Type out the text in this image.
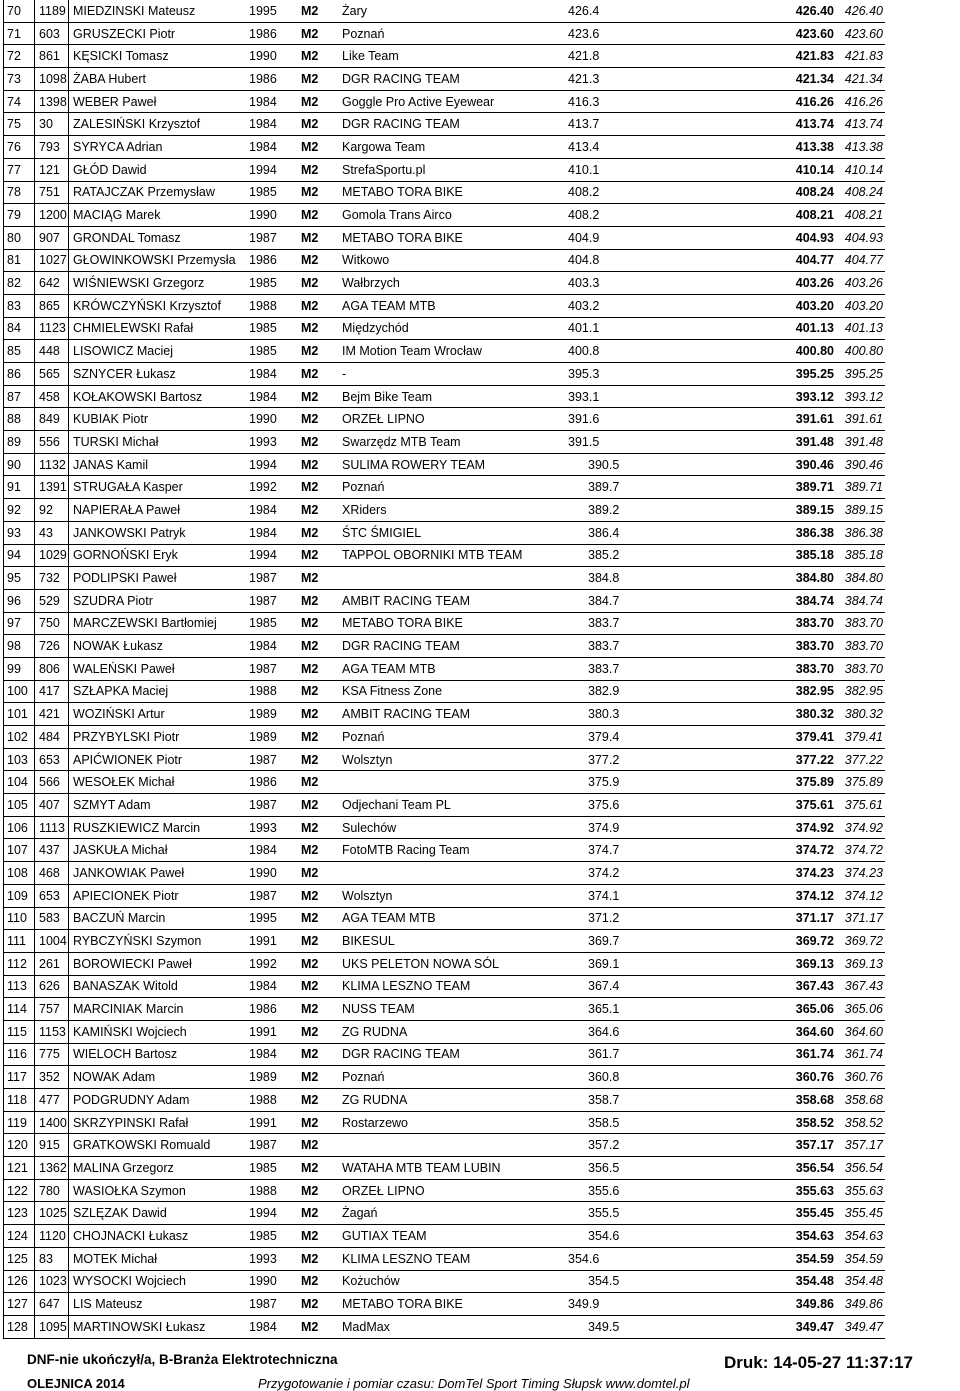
70	1189	MIEDZINSKI Mateusz	1995	M2	Żary	426.4		426.40	426.40
71	603	GRUSZECKI Piotr	1986	M2	Poznań	423.6		423.60	423.60
72	861	KĘSICKI Tomasz	1990	M2	Like Team	421.8		421.83	421.83
73	1098	ŻABA Hubert	1986	M2	DGR RACING TEAM	421.3		421.34	421.34
74	1398	WEBER Paweł	1984	M2	Goggle Pro Active Eyewear	416.3		416.26	416.26
75	30	ZALESIŃSKI Krzysztof	1984	M2	DGR RACING TEAM	413.7		413.74	413.74
76	793	SYRYCA Adrian	1984	M2	Kargowa Team	413.4		413.38	413.38
77	121	GŁÓD Dawid	1994	M2	StrefaSportu.pl	410.1		410.14	410.14
78	751	RATAJCZAK Przemysław	1985	M2	METABO TORA BIKE	408.2		408.24	408.24
79	1200	MACIĄG Marek	1990	M2	Gomola Trans Airco	408.2		408.21	408.21
80	907	GRONDAL Tomasz	1987	M2	METABO TORA BIKE	404.9		404.93	404.93
81	1027	GŁOWINKOWSKI Przemysła	1986	M2	Witkowo	404.8		404.77	404.77
82	642	WIŚNIEWSKI Grzegorz	1985	M2	Wałbrzych	403.3		403.26	403.26
83	865	KRÓWCZYŃSKI Krzysztof	1988	M2	AGA TEAM MTB	403.2		403.20	403.20
84	1123	CHMIELEWSKI Rafał	1985	M2	Międzychód	401.1		401.13	401.13
85	448	LISOWICZ Maciej	1985	M2	IM Motion Team Wrocław	400.8		400.80	400.80
86	565	SZNYCER Łukasz	1984	M2	-	395.3		395.25	395.25
87	458	KOŁAKOWSKI Bartosz	1984	M2	Bejm Bike Team	393.1		393.12	393.12
88	849	KUBIAK Piotr	1990	M2	ORZEŁ LIPNO	391.6		391.61	391.61
89	556	TURSKI Michał	1993	M2	Swarzędz MTB Team	391.5		391.48	391.48
90	1132	JANAS Kamil	1994	M2	SULIMA ROWERY TEAM	390.5		390.46	390.46
91	1391	STRUGAŁA Kasper	1992	M2	Poznań	389.7		389.71	389.71
92	92	NAPIERAŁA Paweł	1984	M2	XRiders	389.2		389.15	389.15
93	43	JANKOWSKI Patryk	1984	M2	ŚTC ŚMIGIEL	386.4		386.38	386.38
94	1029	GORNOŃSKI Eryk	1994	M2	TAPPOL OBORNIKI MTB TEAM	385.2		385.18	385.18
95	732	PODLIPSKI Paweł	1987	M2		384.8		384.80	384.80
96	529	SZUDRA Piotr	1987	M2	AMBIT RACING TEAM	384.7		384.74	384.74
97	750	MARCZEWSKI Bartłomiej	1985	M2	METABO TORA BIKE	383.7		383.70	383.70
98	726	NOWAK Łukasz	1984	M2	DGR RACING TEAM	383.7		383.70	383.70
99	806	WALEŃSKI Paweł	1987	M2	AGA TEAM MTB	383.7		383.70	383.70
100	417	SZŁAPKA Maciej	1988	M2	KSA Fitness Zone	382.9		382.95	382.95
101	421	WOZIŃSKI Artur	1989	M2	AMBIT RACING TEAM	380.3		380.32	380.32
102	484	PRZYBYLSKI Piotr	1989	M2	Poznań	379.4		379.41	379.41
103	653	APIĆWIONEK Piotr	1987	M2	Wolsztyn	377.2		377.22	377.22
104	566	WESOŁEK Michał	1986	M2		375.9		375.89	375.89
105	407	SZMYT Adam	1987	M2	Odjechani Team PL	375.6		375.61	375.61
106	1113	RUSZKIEWICZ Marcin	1993	M2	Sulechów	374.9		374.92	374.92
107	437	JASKUŁA Michał	1984	M2	FotoMTB Racing Team	374.7		374.72	374.72
108	468	JANKOWIAK Paweł	1990	M2		374.2		374.23	374.23
109	653	APIECIONEK Piotr	1987	M2	Wolsztyn	374.1		374.12	374.12
110	583	BACZUŃ Marcin	1995	M2	AGA TEAM MTB	371.2		371.17	371.17
111	1004	RYBCZYŃSKI Szymon	1991	M2	BIKESUL	369.7		369.72	369.72
112	261	BOROWIECKI Paweł	1992	M2	UKS PELETON NOWA SÓL	369.1		369.13	369.13
113	626	BANASZAK Witold	1984	M2	KLIMA LESZNO TEAM	367.4		367.43	367.43
114	757	MARCINIAK Marcin	1986	M2	NUSS TEAM	365.1		365.06	365.06
115	1153	KAMIŃSKI Wojciech	1991	M2	ZG RUDNA	364.6		364.60	364.60
116	775	WIELOCH Bartosz	1984	M2	DGR RACING TEAM	361.7		361.74	361.74
117	352	NOWAK Adam	1989	M2	Poznań	360.8		360.76	360.76
118	477	PODGRUDNY Adam	1988	M2	ZG RUDNA	358.7		358.68	358.68
119	1400	SKRZYPINSKI Rafał	1991	M2	Rostarzewo	358.5		358.52	358.52
120	915	GRATKOWSKI Romuald	1987	M2		357.2		357.17	357.17
121	1362	MALINA Grzegorz	1985	M2	WATAHA MTB TEAM LUBIN	356.5		356.54	356.54
122	780	WASIOŁKA Szymon	1988	M2	ORZEŁ LIPNO	355.6		355.63	355.63
123	1025	SZLĘZAK Dawid	1994	M2	Żagań	355.5		355.45	355.45
124	1120	CHOJNACKI Łukasz	1985	M2	GUTIAX TEAM	354.6		354.63	354.63
125	83	MOTEK Michał	1993	M2	KLIMA LESZNO TEAM	354.6		354.59	354.59
126	1023	WYSOCKI Wojciech	1990	M2	Kożuchów	354.5		354.48	354.48
127	647	LIS Mateusz	1987	M2	METABO TORA BIKE	349.9		349.86	349.86
128	1095	MARTINOWSKI Łukasz	1984	M2	MadMax	349.5		349.47	349.47
DNF-nie ukończył/a, B-Branża Elektrotechniczna
OLEJNICA 2014	Przygotowanie i pomiar czasu: DomTel Sport Timing Słupsk www.domtel.pl
Druk: 14-05-27 11:37:17
